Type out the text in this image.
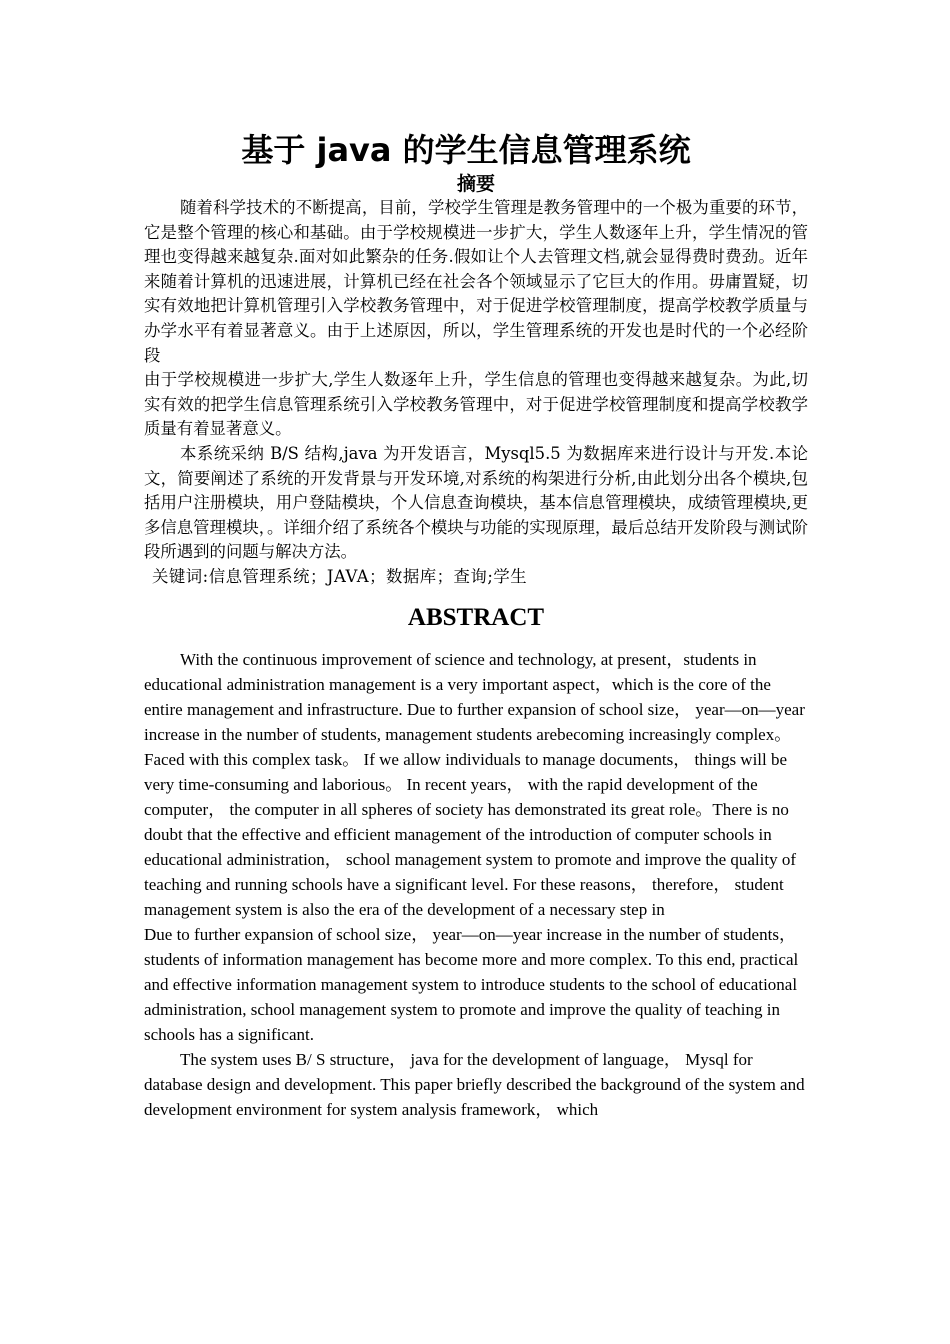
基于 java 的学生信息管理系统
摘要

随着科学技术的不断提高，目前，学校学生管理是教务管理中的一个极为重要的环节，它是整个管理的核心和基础。由于学校规模进一步扩大，学生人数逐年上升，学生情况的管理也变得越来越复杂.面对如此繁杂的任务.假如让个人去管理文档,就会显得费时费劲。近年来随着计算机的迅速进展，计算机已经在社会各个领域显示了它巨大的作用。毋庸置疑，切实有效地把计算机管理引入学校教务管理中，对于促进学校管理制度，提高学校教学质量与办学水平有着显著意义。由于上述原因，所以，学生管理系统的开发也是时代的一个必经阶段

由于学校规模进一步扩大,学生人数逐年上升，学生信息的管理也变得越来越复杂。为此,切实有效的把学生信息管理系统引入学校教务管理中，对于促进学校管理制度和提高学校教学质量有着显著意义。

本系统采纳 B/S 结构,java 为开发语言，Mysql5.5 为数据库来进行设计与开发.本论文，简要阐述了系统的开发背景与开发环境,对系统的构架进行分析,由此划分出各个模块,包括用户注册模块，用户登陆模块，个人信息查询模块，基本信息管理模块，成绩管理模块,更多信息管理模块，。详细介绍了系统各个模块与功能的实现原理，最后总结开发阶段与测试阶段所遇到的问题与解决方法。

关键词:信息管理系统；JAVA；数据库；查询;学生

ABSTRACT

With the continuous improvement of science and technology, at present，students in educational administration management is a very important aspect，which is the core of the entire management and infrastructure. Due to further expansion of school size， year—on—year increase in the number of students, management students arebecoming increasingly complex。 Faced with this complex task。 If we allow individuals to manage documents， things will be very time-consuming and laborious。 In recent years， with the rapid development of the computer， the computer in all spheres of society has demonstrated its great role。There is no doubt that the effective and efficient management of the introduction of computer schools in educational administration， school management system to promote and improve the quality of teaching and running schools have a significant level. For these reasons， therefore， student management system is also the era of the development of a necessary step in

Due to further expansion of school size， year—on—year increase in the number of students， students of information management has become more and more complex. To this end, practical and effective information management system to introduce students to the school of educational administration, school management system to promote and improve the quality of teaching in schools has a significant.

The system uses B/ S structure， java for the development of language， Mysql for database design and development. This paper briefly described the background of the system and development environment for system analysis framework， which
